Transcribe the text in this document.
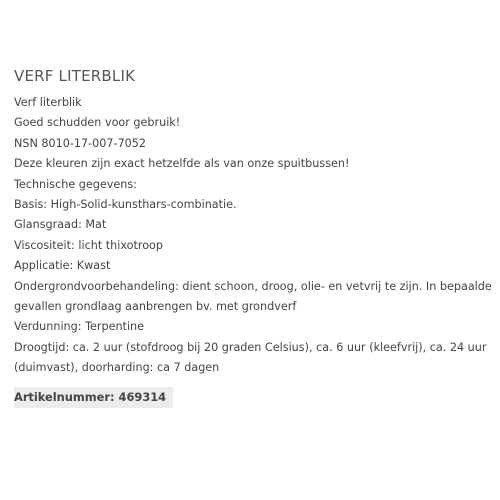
VERF LITERBLIK
Verf literblik
Goed schudden voor gebruik!
NSN 8010-17-007-7052
Deze kleuren zijn exact hetzelfde als van onze spuitbussen!
Technische gegevens:
Basis: High-Solid-kunsthars-combinatie.
Glansgraad: Mat
Viscositeit: licht thixotroop
Applicatie: Kwast
Ondergrondvoorbehandeling: dient schoon, droog, olie- en vetvrij te zijn. In bepaalde gevallen grondlaag aanbrengen bv. met grondverf
Verdunning: Terpentine
Droogtijd: ca. 2 uur (stofdroog bij 20 graden Celsius), ca. 6 uur (kleefvrij), ca. 24 uur (duimvast), doorharding: ca 7 dagen
Artikelnummer: 469314
